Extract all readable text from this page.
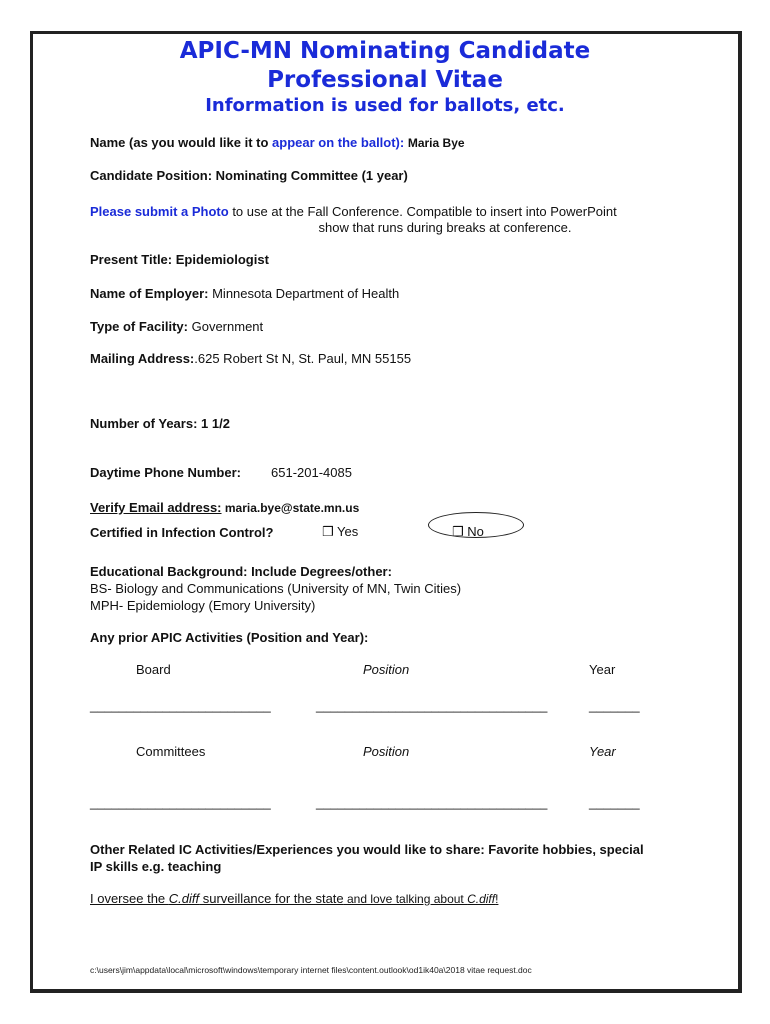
APIC-MN Nominating Candidate
Professional Vitae
Information is used for ballots, etc.
Name (as you would like it to appear on the ballot): Maria Bye
Candidate Position: Nominating Committee (1 year)
Please submit a Photo to use at the Fall Conference. Compatible to insert into PowerPoint
show that runs during breaks at conference.
Present Title: Epidemiologist
Name of Employer: Minnesota Department of Health
Type of Facility: Government
Mailing Address:.625 Robert St N, St. Paul, MN 55155
Number of Years: 1 1/2
Daytime Phone Number: 651-201-4085
Verify Email address: maria.bye@state.mn.us
Certified in Infection Control?	❒ Yes	❒ No
Educational Background: Include Degrees/other:
BS- Biology and Communications (University of MN, Twin Cities)
MPH- Epidemiology (Emory University)
Any prior APIC Activities (Position and Year):
Board	Position	Year
_________________________	________________________________	_______
Committees	Position	Year
_________________________	________________________________	_______
Other Related IC Activities/Experiences you would like to share: Favorite hobbies, special
IP skills e.g. teaching
I oversee the C.diff surveillance for the state and love talking about C.diff!
c:\users\jim\appdata\local\microsoft\windows\temporary internet files\content.outlook\od1ik40a\2018 vitae request.doc
